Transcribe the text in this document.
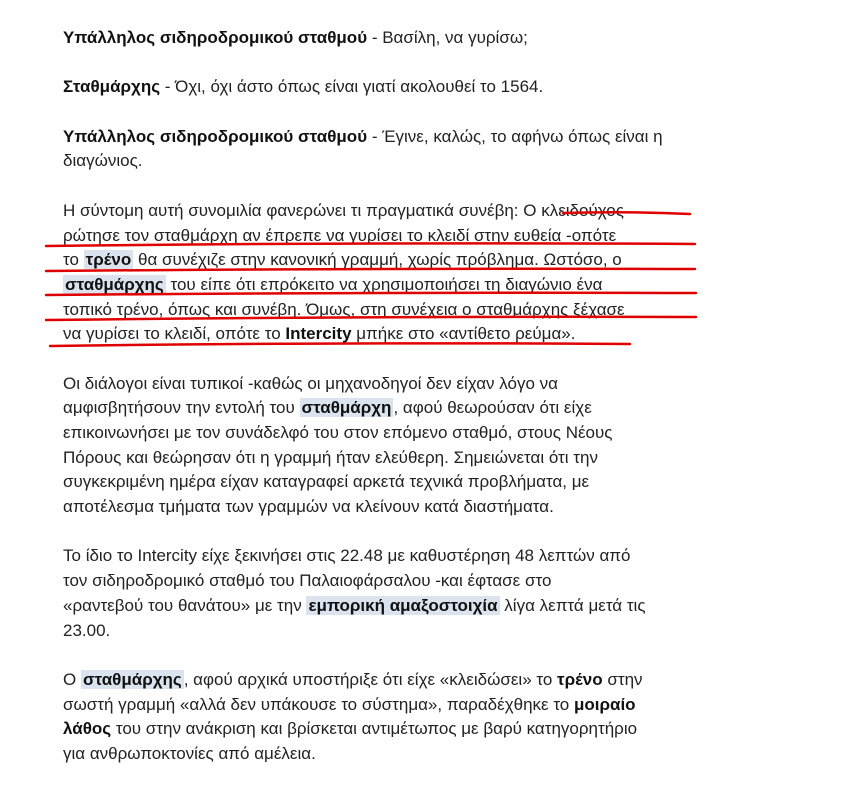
Υπάλληλος σιδηροδρομικού σταθμού - Βασίλη, να γυρίσω;
Σταθμάρχης - Όχι, όχι άστο όπως είναι γιατί ακολουθεί το 1564.
Υπάλληλος σιδηροδρομικού σταθμού - Έγινε, καλώς, το αφήνω όπως είναι η
διαγώνιος.
Η σύντομη αυτή συνομιλία φανερώνει τι πραγματικά συνέβη: Ο κλειδούχος
ρώτησε τον σταθμάρχη αν έπρεπε να γυρίσει το κλειδί στην ευθεία -οπότε
το τρένο θα συνέχιζε στην κανονική γραμμή, χωρίς πρόβλημα. Ωστόσο, ο
σταθμάρχης του είπε ότι επρόκειτο να χρησιμοποιήσει τη διαγώνιο ένα
τοπικό τρένο, όπως και συνέβη. Όμως, στη συνέχεια ο σταθμάρχης ξέχασε
να γυρίσει το κλειδί, οπότε το Intercity μπήκε στο «αντίθετο ρεύμα».
Οι διάλογοι είναι τυπικοί -καθώς οι μηχανοδηγοί δεν είχαν λόγο να
αμφισβητήσουν την εντολή του σταθμάρχη , αφού θεωρούσαν ότι είχε
επικοινωνήσει με τον συνάδελφό του στον επόμενο σταθμό, στους Νέους
Πόρους και θεώρησαν ότι η γραμμή ήταν ελεύθερη. Σημειώνεται ότι την
συγκεκριμένη ημέρα είχαν καταγραφεί αρκετά τεχνικά προβλήματα, με
αποτέλεσμα τμήματα των γραμμών να κλείνουν κατά διαστήματα.
Το ίδιο το Intercity είχε ξεκινήσει στις 22.48 με καθυστέρηση 48 λεπτών από
τον σιδηροδρομικό σταθμό του Παλαιοφάρσαλου -και έφτασε στο
«ραντεβού του θανάτου» με την εμπορική αμαξοστοιχία λίγα λεπτά μετά τις
23.00.
Ο σταθμάρχης , αφού αρχικά υποστήριξε ότι είχε «κλειδώσει» το τρένο στην
σωστή γραμμή «αλλά δεν υπάκουσε το σύστημα», παραδέχθηκε το μοιραίο
λάθος του στην ανάκριση και βρίσκεται αντιμέτωπος με βαρύ κατηγορητήριο
για ανθρωποκτονίες από αμέλεια.
